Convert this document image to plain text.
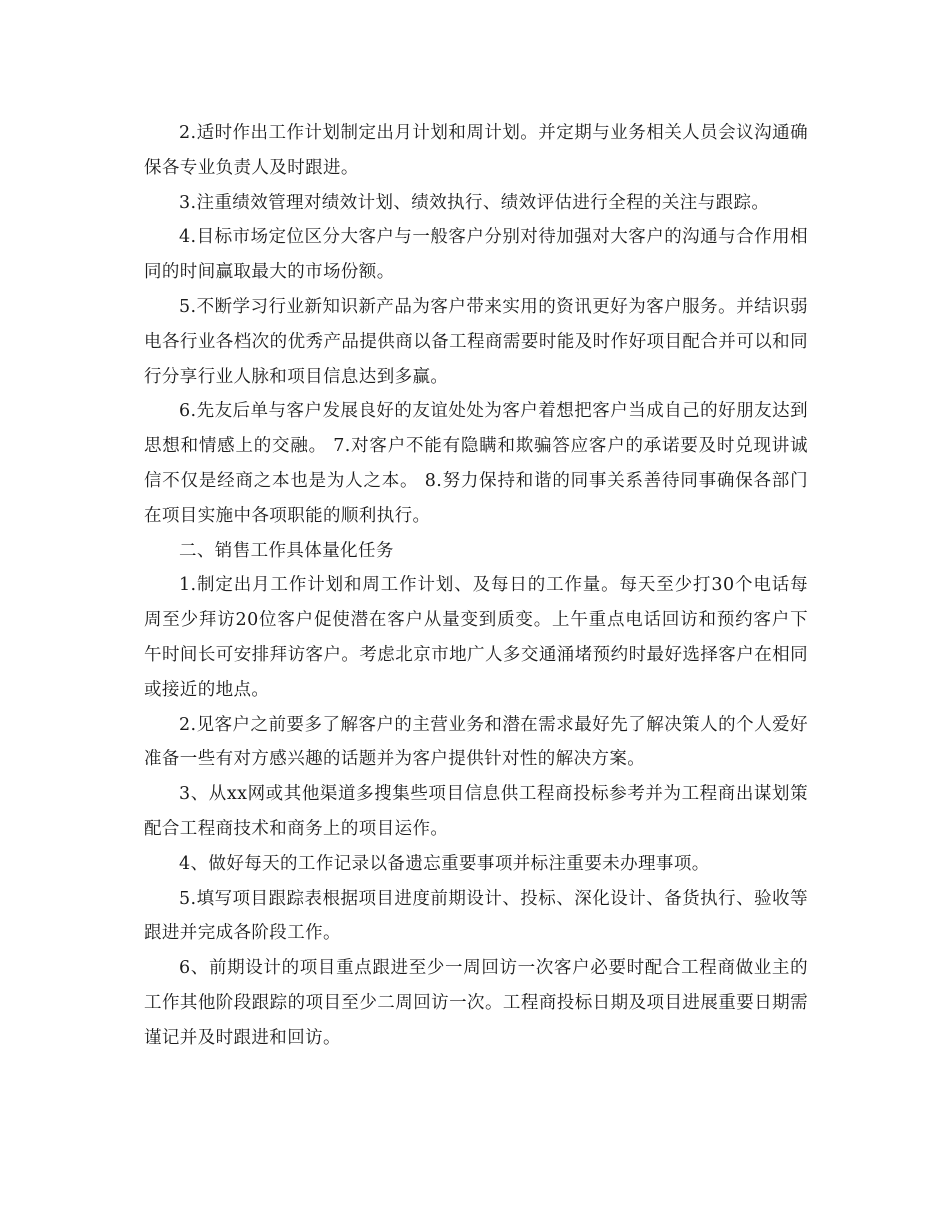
2.适时作出工作计划制定出月计划和周计划。并定期与业务相关人员会议沟通确保各专业负责人及时跟进。

3.注重绩效管理对绩效计划、绩效执行、绩效评估进行全程的关注与跟踪。

4.目标市场定位区分大客户与一般客户分别对待加强对大客户的沟通与合作用相同的时间赢取最大的市场份额。

5.不断学习行业新知识新产品为客户带来实用的资讯更好为客户服务。并结识弱电各行业各档次的优秀产品提供商以备工程商需要时能及时作好项目配合并可以和同行分享行业人脉和项目信息达到多赢。

6.先友后单与客户发展良好的友谊处处为客户着想把客户当成自己的好朋友达到思想和情感上的交融。 7.对客户不能有隐瞒和欺骗答应客户的承诺要及时兑现讲诚信不仅是经商之本也是为人之本。 8.努力保持和谐的同事关系善待同事确保各部门在项目实施中各项职能的顺利执行。

二、销售工作具体量化任务

1.制定出月工作计划和周工作计划、及每日的工作量。每天至少打30个电话每周至少拜访20位客户促使潜在客户从量变到质变。上午重点电话回访和预约客户下午时间长可安排拜访客户。考虑北京市地广人多交通涌堵预约时最好选择客户在相同或接近的地点。

2.见客户之前要多了解客户的主营业务和潜在需求最好先了解决策人的个人爱好准备一些有对方感兴趣的话题并为客户提供针对性的解决方案。

3、从xx网或其他渠道多搜集些项目信息供工程商投标参考并为工程商出谋划策配合工程商技术和商务上的项目运作。

4、做好每天的工作记录以备遗忘重要事项并标注重要未办理事项。

5.填写项目跟踪表根据项目进度前期设计、投标、深化设计、备货执行、验收等跟进并完成各阶段工作。

6、前期设计的项目重点跟进至少一周回访一次客户必要时配合工程商做业主的工作其他阶段跟踪的项目至少二周回访一次。工程商投标日期及项目进展重要日期需谨记并及时跟进和回访。
